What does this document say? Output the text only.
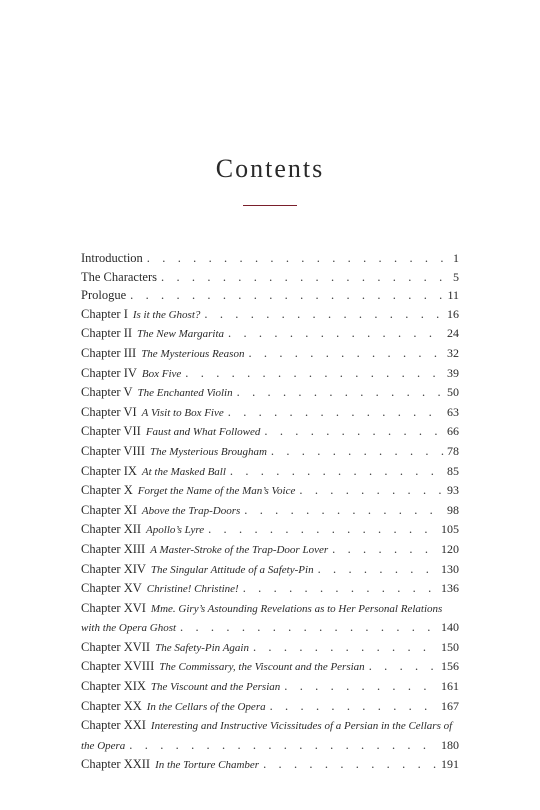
Contents
Introduction . . .	1
The Characters . . .	5
Prologue . . .	11
Chapter I Is it the Ghost? . . .	16
Chapter II The New Margarita . . .	24
Chapter III The Mysterious Reason . . .	32
Chapter IV Box Five . . .	39
Chapter V The Enchanted Violin . . .	50
Chapter VI A Visit to Box Five . . .	63
Chapter VII Faust and What Followed . . .	66
Chapter VIII The Mysterious Brougham . . .	78
Chapter IX At the Masked Ball . . .	85
Chapter X Forget the Name of the Man’s Voice . . .	93
Chapter XI Above the Trap-Doors . . .	98
Chapter XII Apollo’s Lyre . . .	105
Chapter XIII A Master-Stroke of the Trap-Door Lover . . .	120
Chapter XIV The Singular Attitude of a Safety-Pin . . .	130
Chapter XV Christine! Christine! . . .	136
Chapter XVI Mme. Giry’s Astounding Revelations as to Her Personal Relations
with the Opera Ghost . . .	140
Chapter XVII The Safety-Pin Again . . .	150
Chapter XVIII The Commissary, the Viscount and the Persian . . .	156
Chapter XIX The Viscount and the Persian . . .	161
Chapter XX In the Cellars of the Opera . . .	167
Chapter XXI Interesting and Instructive Vicissitudes of a Persian in the Cellars of
the Opera . . .	180
Chapter XXII In the Torture Chamber . . .	191
